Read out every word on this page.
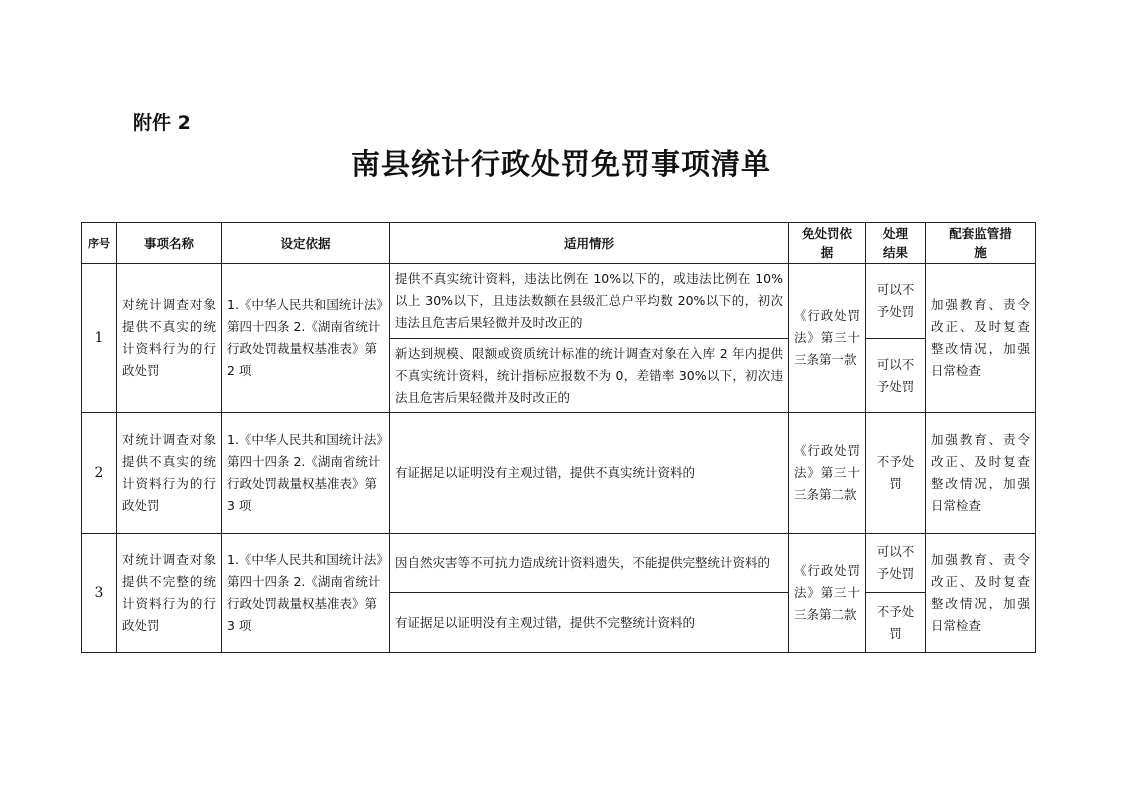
附件 2
南县统计行政处罚免罚事项清单
序号	事项名称	设定依据	适用情形	免处罚依据	处理结果	配套监管措施
1	对统计调查对象提供不真实的统计资料行为的行政处罚	1.《中华人民共和国统计法》第四十四条 2.《湖南省统计行政处罚裁量权基准表》第 2 项	提供不真实统计资料，违法比例在 10%以下的，或违法比例在 10%以上 30%以下，且违法数额在县级汇总户平均数 20%以下的，初次违法且危害后果轻微并及时改正的	《行政处罚法》第三十三条第一款	可以不予处罚	加强教育、责令改正、及时复查整改情况，加强日常检查
			新达到规模、限额或资质统计标准的统计调查对象在入库 2 年内提供不真实统计资料，统计指标应报数不为 0，差错率 30%以下，初次违法且危害后果轻微并及时改正的		可以不予处罚	
2	对统计调查对象提供不真实的统计资料行为的行政处罚	1.《中华人民共和国统计法》第四十四条 2.《湖南省统计行政处罚裁量权基准表》第 3 项	有证据足以证明没有主观过错，提供不真实统计资料的	《行政处罚法》第三十三条第二款	不予处罚	加强教育、责令改正、及时复查整改情况，加强日常检查
3	对统计调查对象提供不完整的统计资料行为的行政处罚	1.《中华人民共和国统计法》第四十四条 2.《湖南省统计行政处罚裁量权基准表》第 3 项	因自然灾害等不可抗力造成统计资料遗失，不能提供完整统计资料的	《行政处罚法》第三十三条第二款	可以不予处罚	加强教育、责令改正、及时复查整改情况，加强日常检查
			有证据足以证明没有主观过错，提供不完整统计资料的		不予处罚	
